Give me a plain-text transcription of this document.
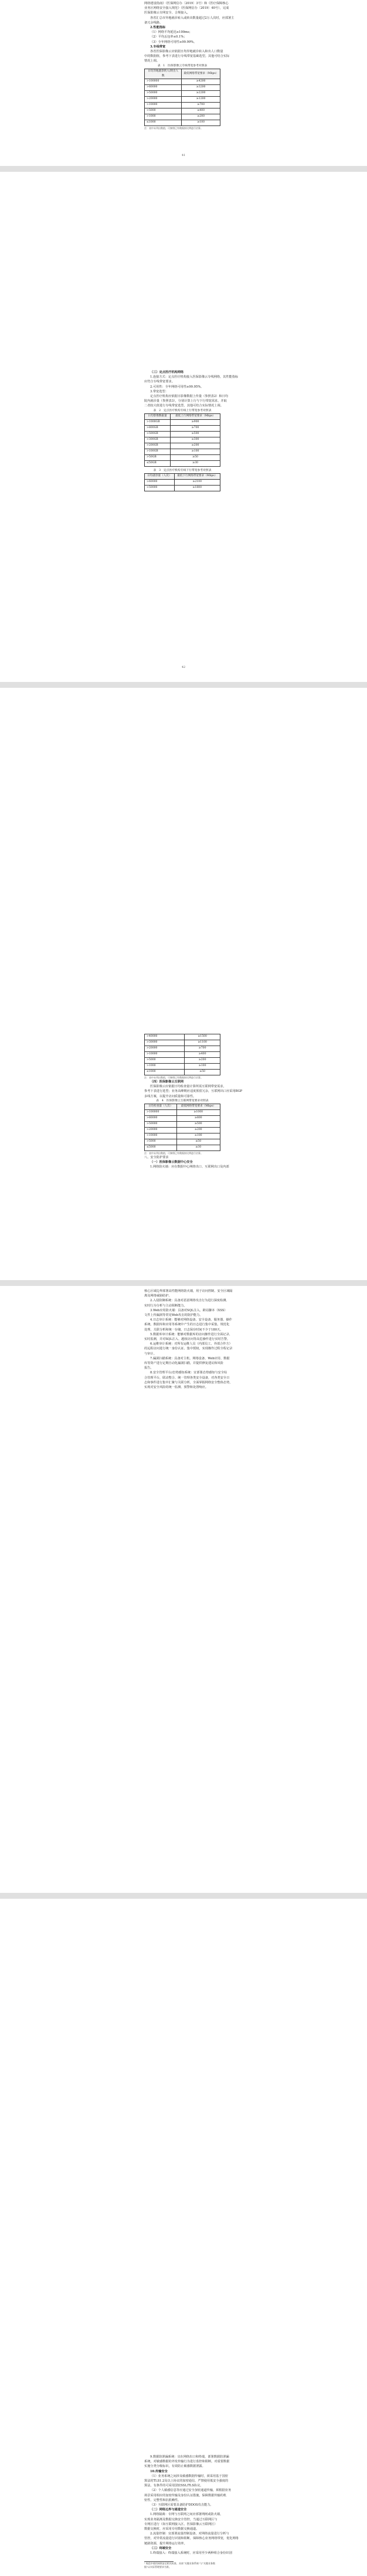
网络建设指南》（医保网信办〔2019〕3号）和《医疗保障核心
业务区网络安全接入规范》（医保网信办〔2019〕40号），完成
医保影像云专网安全、合规接入。
各省汇总市异地就诊转入或转出数量超过2万人次时，应部署主
备冗余线路。
2.性能指标
（1）网络平均延迟≤100ms；
（2）平均丢包率≤0.1%；
（3）全年网络可用性≥99.99%。
3.专线带宽
各省医保影像云应依据日均异地就诊转入和出人口数量
中的数据值，参考下表进行专线带宽基础选型。其他可结合实际
情况上调。
表　1　医保影像云专线带宽参考对照表
日均异地就诊转入/转出人数	最低网络带宽要求（Mbps）
>100000	≥4200
>80000	≥3200
>50000	≥2200
>20000	≥1200
>10000	≥700
>5000	≥400
>1000	≥200
≤1000	≥100
注：表中未列出数值，可参照已有数据按比例进行估算。
41
（三）定点医疗机构网络
1.连接方式：定点医疗机构接入医保影像云专线网络，其性能指标
应符合专线带宽要求。
2.可用性：全年网络可用性≥99.95%。
3.带宽选型：
定点医疗机构应依据日影像数据上传量（参照表2）和日均
院内就诊量（参照表3），分别计算上行与下行带宽需求，并取
二者较大值进行专线带宽选型。其他可结合实际情况上调。
表　2　定点医疗机构专线上行带宽参考对照表
日均影像数据量	最低上行网络带宽要求（Mbps）
>1000GB	≥900
>800GB	≥700
>500GB	≥500
>300GB	≥300
>200GB	≥200
>100GB	≥100
>50GB	≥50
≤50GB	≥30
表　3　定点医疗机构专线下行带宽参考对照表
日均就诊量（人次）	最低下行网络带宽要求（Mbps）
>60000	≥2100
>50000	≥1800
42
>40000	≥1500
>30000	≥1100
>20000	≥700
>10000	≥400
>5000	≥200
>1000	≥100
≤1000	≥50
注：表中未列出数值，可参照已有数据按比例进行估算。
（四）医保影像云互联网
医保影像云应依据日均检查量计算所需互联网带宽需求，
参考下表进行选型；业务高峰期应适度预留冗余，互联网出口应采用BGP
多线方案，以提升访问质量和可靠性。
表　4　医保影像云互联网带宽要求对照表
日均检查量（人次）	最低网络带宽要求（Mbps）
>100000	≥1000
>80000	≥800
>50000	≥500
>20000	≥200
>10000	≥100
>5000	≥50
≤5000	≥30
注：表中未列出数值，可参照已有数据按比例进行估算。
八、安全防护要求
（一）医保影像云数据中心安全
1.网络防火墙：应在数据中心网络出口、互联网出口及内部
核心区域边界部署高性能网络防火墙，用于访问控制、安全区域隔
离及网络威胁防护。
2.入侵防御系统：具备对恶意网络攻击行为进行深度检测、
实时行为分析与主动阻断能力。
3.Web应用防火墙：具备对SQL注入、跨站脚本（XSS）
文件上传漏洞等常见Web攻击的防护能力。
4.日志审计系统：能够对网络设备、安全设备、服务器、操作
系统、数据库和应用等系统中产生的日志进行集中采集、规范化
处理、关联分析和统一存储，日志保存时间不少于180天。
5.数据库审计系统：能够对数据库的访问操作进行全面记录、
实时监测，并对SQL注入、越权访问等高危操作进行实时告警。
6.运维审计系统：对所有运维人员（内部员工、外部合作方）
的远程访问进行统一身份认证、集中授权，实现操作过程全程记录
与审计。
7.漏洞扫描系统：具备对主机、网络设备、Web应用、数据
库等资产进行定期自动化漏洞扫描，并提供修复建议和风险
报告。
8.安全管理平台/态势感知系统：宜部署态势感知与安全综
合管理平台，联动整合、统一管理各类安全设备，对各类安全日
志和事件进行集中汇聚与关联分析，全面掌握网络安全整体态势，
实现对安全风险的统一监测、预警和处置响应。
9.数据防泄漏系统：宜在网络出口和终端，部署数据防泄漏
系统，对敏感数据的外发传输行为进行监控和阻断，对重要数据
实施分类分级标识，有效防止敏感数据泄露。
10.传输安全
（1）业务系统之间涉及敏感数据传输时，须采用基于国密
算法的TLS1.2及以上协议的加密通信，严禁使用低安全强度的
算法，有条件的可采用国密SSL/TLS协议。
（2）个人敏感信息等应通过安全加密通道传输，须根据业务
场景采用相应的加密传输及身份认证措施，保障数据传输的机
密性、完整性和抗抵赖性。
（3）互联网区需要具备防护DDOS攻击能力。
（二）网络边界与通道安全
1.网络隔离：专网与互联网之间应部署网闸或防火墙，
实现业务隔离及数据交换安全管控，当通过互联网区与
专网区进行（如互联网接入区、医保影像云互联网区）
数据交换时，应采用专用数据交换通道。
2.流量控制：宜部署流量控制设备，对网络流量进行分析与
管控，对异常流量进行识别和阻断，保障核心业务网络带宽，优化网络
链路资源，提升网络运行效率。
（三）终端安全
1.终端接入：终端接入系统时，应采用至少两种组合身份识别
¹ 规范中使用网络安全相关标准，具体“关键业务系统”与“关键业务数据”以实际管理要求为准。
